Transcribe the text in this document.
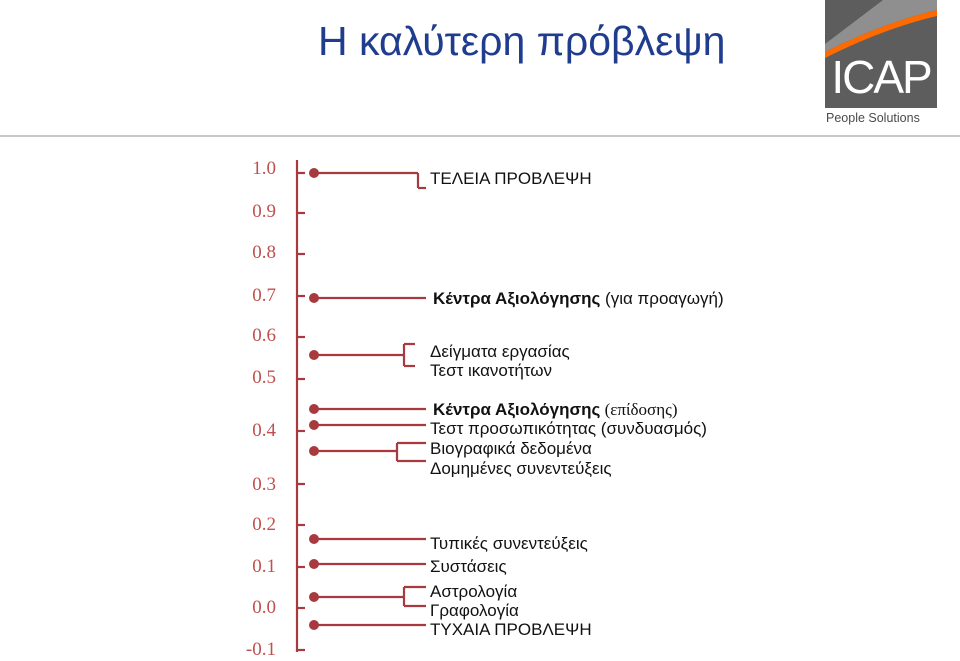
Η καλύτερη πρόβλεψη
ICAP
People Solutions
1.0
0.9
0.8
0.7
0.6
0.5
0.4
0.3
0.2
0.1
0.0
-0.1
ΤΕΛΕΙΑ ΠΡΟΒΛΕΨΗ
Κέντρα Αξιολόγησης (για προαγωγή)
Δείγματα εργασίας
Τεστ ικανοτήτων
Κέντρα Αξιολόγησης (επίδοσης)
Τεστ προσωπικότητας (συνδυασμός)
Βιογραφικά δεδομένα
Δομημένες συνεντεύξεις
Τυπικές συνεντεύξεις
Συστάσεις
Αστρολογία
Γραφολογία
ΤΥΧΑΙΑ ΠΡΟΒΛΕΨΗ
